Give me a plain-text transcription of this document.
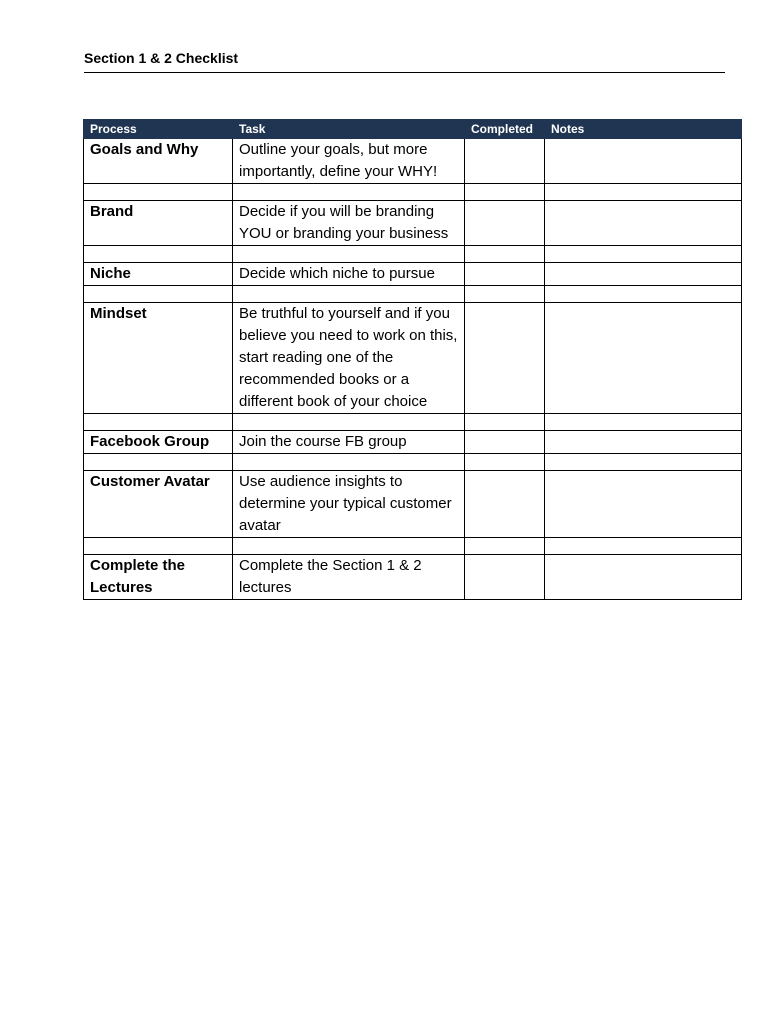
Section 1 & 2 Checklist
Process	Task	Completed	Notes
Goals and Why	Outline your goals, but more importantly, define your WHY!		

Brand	Decide if you will be branding YOU or branding your business		

Niche	Decide which niche to pursue		

Mindset	Be truthful to yourself and if you believe you need to work on this, start reading one of the recommended books or a different book of your choice		

Facebook Group	Join the course FB group		

Customer Avatar	Use audience insights to determine your typical customer avatar		

Complete the Lectures	Complete the Section 1 & 2 lectures		
